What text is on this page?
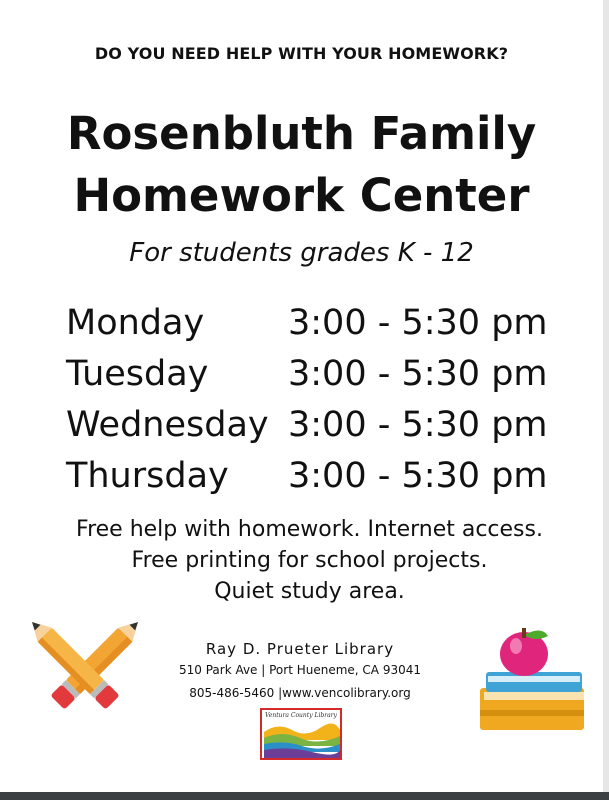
DO YOU NEED HELP WITH YOUR HOMEWORK?
Rosenbluth Family
Homework Center
For students grades K - 12
Monday 3:00 - 5:30 pm
Tuesday 3:00 - 5:30 pm
Wednesday 3:00 - 5:30 pm
Thursday 3:00 - 5:30 pm
Free help with homework. Internet access.
Free printing for school projects.
Quiet study area.
Ray D. Prueter Library
510 Park Ave | Port Hueneme, CA 93041
805-486-5460 |www.vencolibrary.org
Ventura County Library
